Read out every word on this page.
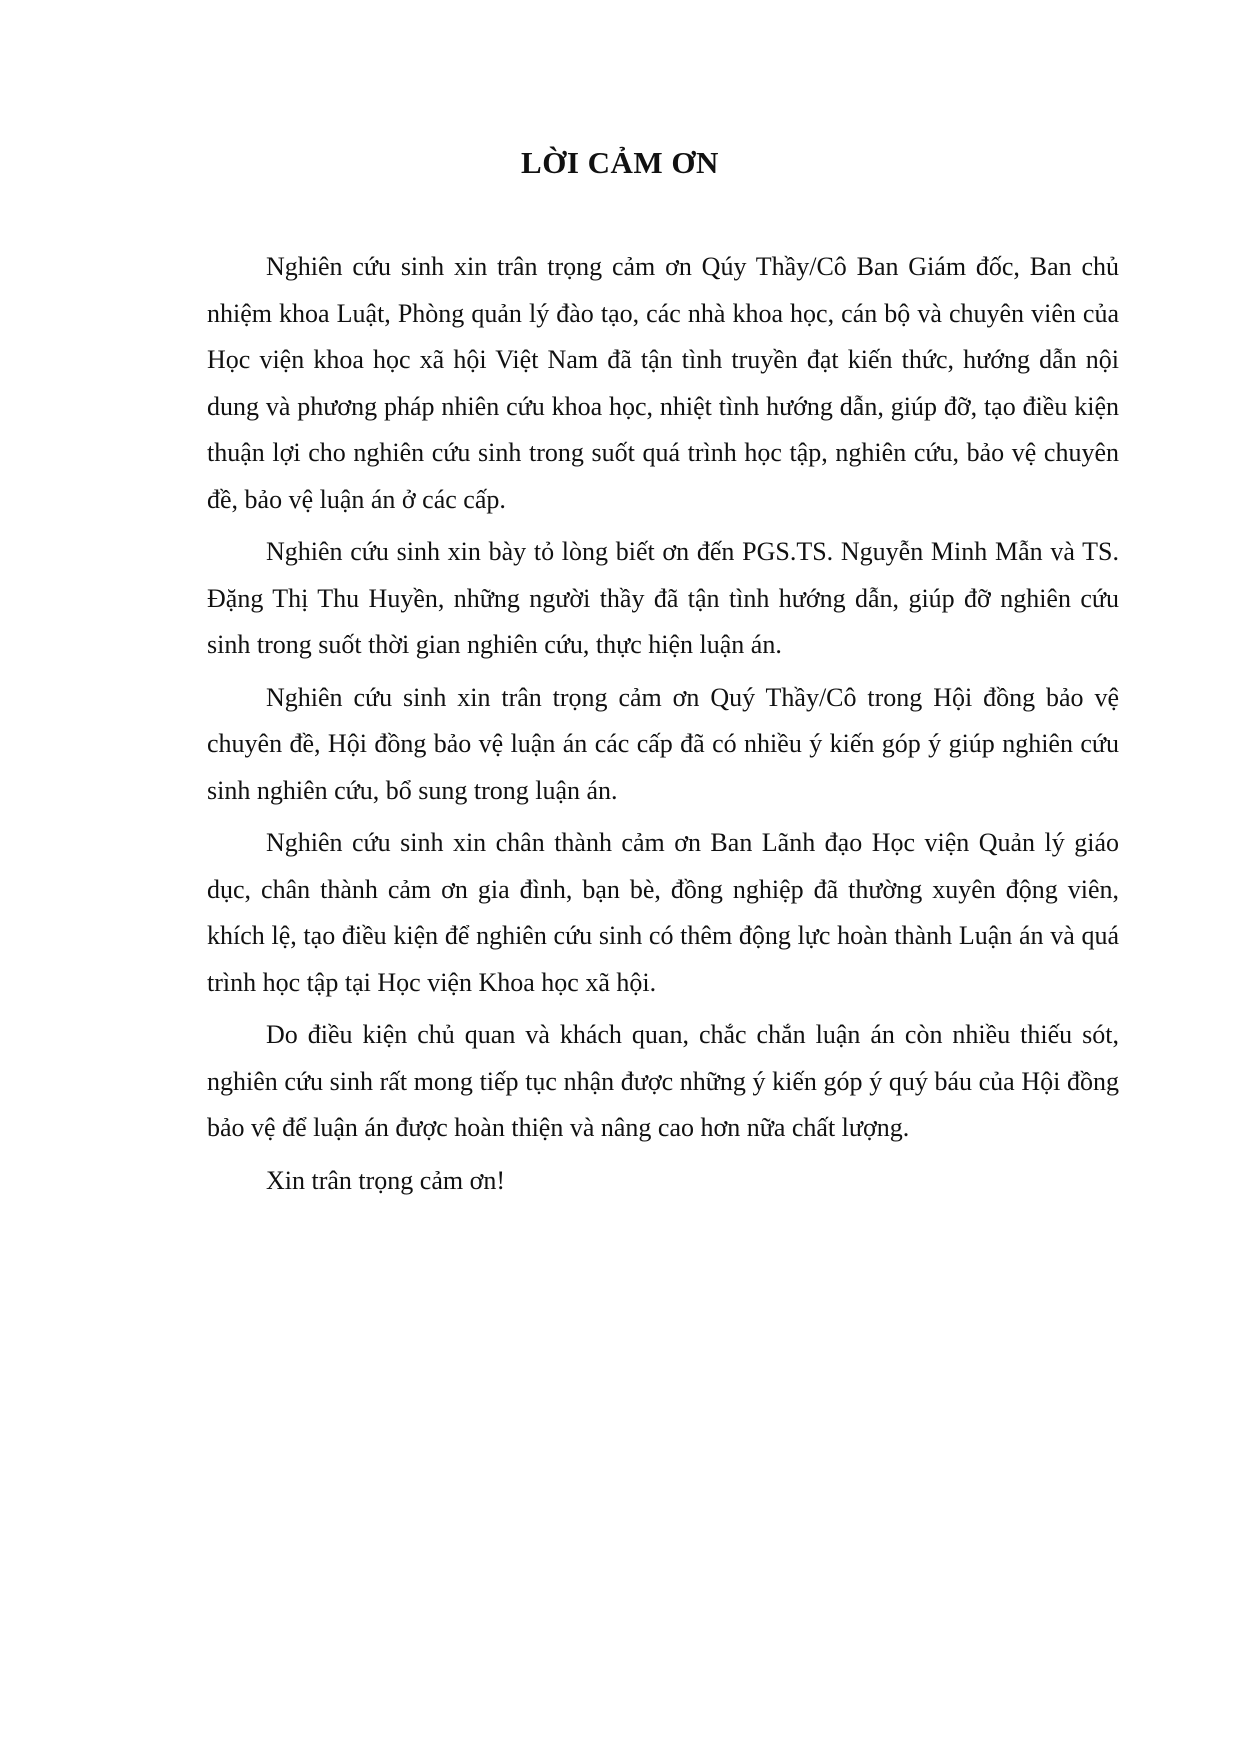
LỜI CẢM ƠN

Nghiên cứu sinh xin trân trọng cảm ơn Qúy Thầy/Cô Ban Giám đốc, Ban chủ nhiệm khoa Luật, Phòng quản lý đào tạo, các nhà khoa học, cán bộ và chuyên viên của Học viện khoa học xã hội Việt Nam đã tận tình truyền đạt kiến thức, hướng dẫn nội dung và phương pháp nhiên cứu khoa học, nhiệt tình hướng dẫn, giúp đỡ, tạo điều kiện thuận lợi cho nghiên cứu sinh trong suốt quá trình học tập, nghiên cứu, bảo vệ chuyên đề, bảo vệ luận án ở các cấp.

Nghiên cứu sinh xin bày tỏ lòng biết ơn đến PGS.TS. Nguyễn Minh Mẫn và TS. Đặng Thị Thu Huyền, những người thầy đã tận tình hướng dẫn, giúp đỡ nghiên cứu sinh trong suốt thời gian nghiên cứu, thực hiện luận án.

Nghiên cứu sinh xin trân trọng cảm ơn Quý Thầy/Cô trong Hội đồng bảo vệ chuyên đề, Hội đồng bảo vệ luận án các cấp đã có nhiều ý kiến góp ý giúp nghiên cứu sinh nghiên cứu, bổ sung trong luận án.

Nghiên cứu sinh xin chân thành cảm ơn Ban Lãnh đạo Học viện Quản lý giáo dục, chân thành cảm ơn gia đình, bạn bè, đồng nghiệp đã thường xuyên động viên, khích lệ, tạo điều kiện để nghiên cứu sinh có thêm động lực hoàn thành Luận án và quá trình học tập tại Học viện Khoa học xã hội.

Do điều kiện chủ quan và khách quan, chắc chắn luận án còn nhiều thiếu sót, nghiên cứu sinh rất mong tiếp tục nhận được những ý kiến góp ý quý báu của Hội đồng bảo vệ để luận án được hoàn thiện và nâng cao hơn nữa chất lượng.

Xin trân trọng cảm ơn!
